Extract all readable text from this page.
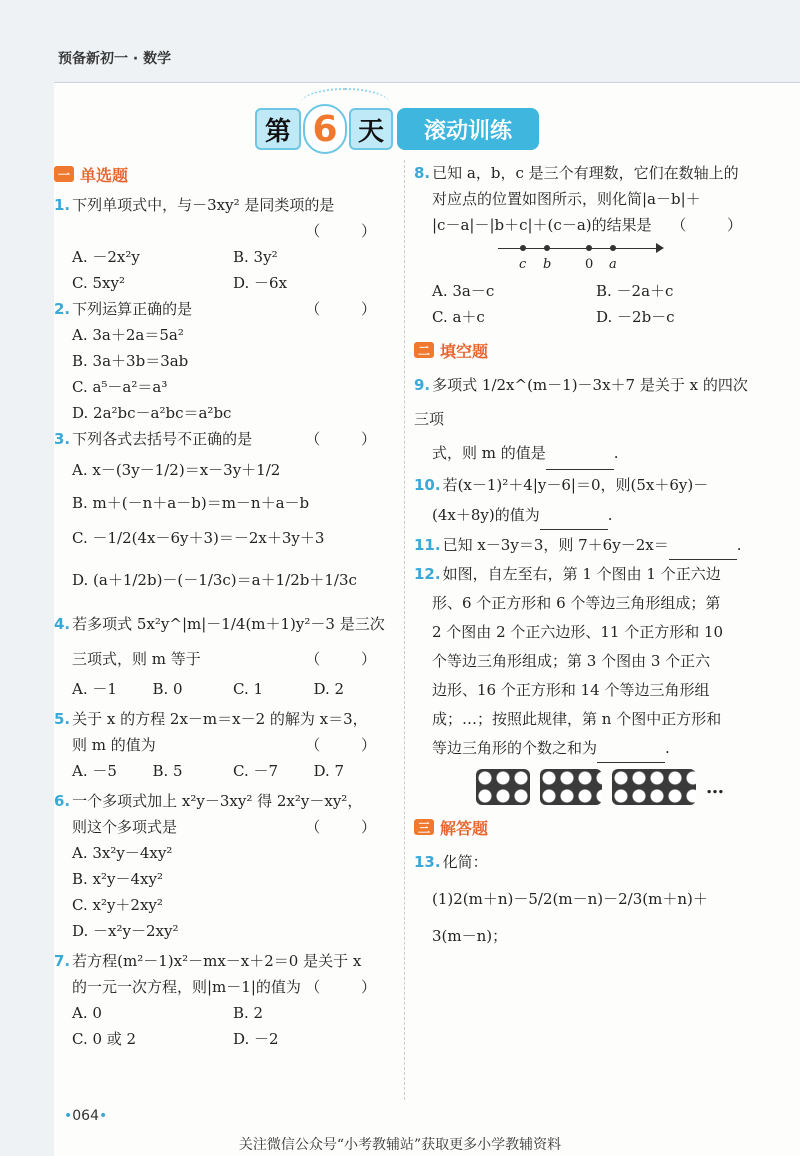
预备新初一 · 数学
第 6 天	滚动训练
一 单选题
1. 下列单项式中，与－3xy² 是同类项的是
（ ）
A. －2x²y	B. 3y²
C. 5xy²	D. －6x
2. 下列运算正确的是	（ ）
A. 3a＋2a＝5a²
B. 3a＋3b＝3ab
C. a⁵－a²＝a³
D. 2a²bc－a²bc＝a²bc
3. 下列各式去括号不正确的是	（ ）
A. x－(3y－1/2)＝x－3y＋1/2
B. m＋(－n＋a－b)＝m－n＋a－b
C. －1/2(4x－6y＋3)＝－2x＋3y＋3
D. (a＋1/2b)－(－1/3c)＝a＋1/2b＋1/3c
4. 若多项式 5x²y^|m|－1/4(m＋1)y²－3 是三次
三项式，则 m 等于	（ ）
A. －1	B. 0	C. 1	D. 2
5. 关于 x 的方程 2x－m＝x－2 的解为 x＝3，
则 m 的值为	（ ）
A. －5	B. 5	C. －7	D. 7
6. 一个多项式加上 x²y－3xy² 得 2x²y－xy²，
则这个多项式是	（ ）
A. 3x²y－4xy²
B. x²y－4xy²
C. x²y＋2xy²
D. －x²y－2xy²
7. 若方程(m²－1)x²－mx－x＋2＝0 是关于 x
的一元一次方程，则|m－1|的值为 （ ）
A. 0	B. 2
C. 0 或 2	D. －2
8. 已知 a，b，c 是三个有理数，它们在数轴上的
对应点的位置如图所示，则化简|a－b|＋
|c－a|－|b＋c|＋(c－a)的结果是 （ ）
c b	0 a
A. 3a－c	B. －2a＋c
C. a＋c	D. －2b－c
二 填空题
9. 多项式 1/2x^(m－1)－3x＋7 是关于 x 的四次三项
式，则 m 的值是	.
10. 若(x－1)²＋4|y－6|＝0，则(5x＋6y)－
(4x＋8y)的值为	.
11. 已知 x－3y＝3，则 7＋6y－2x＝	.
12. 如图，自左至右，第 1 个图由 1 个正六边
形、6 个正方形和 6 个等边三角形组成；第
2 个图由 2 个正六边形、11 个正方形和 10
个等边三角形组成；第 3 个图由 3 个正六
边形、16 个正方形和 14 个等边三角形组
成；…；按照此规律，第 n 个图中正方形和
等边三角形的个数之和为	.
…
三 解答题
13. 化简：
(1)2(m＋n)－5/2(m－n)－2/3(m＋n)＋
3(m－n)；
•064•
关注微信公众号“小考教辅站”获取更多小学教辅资料
